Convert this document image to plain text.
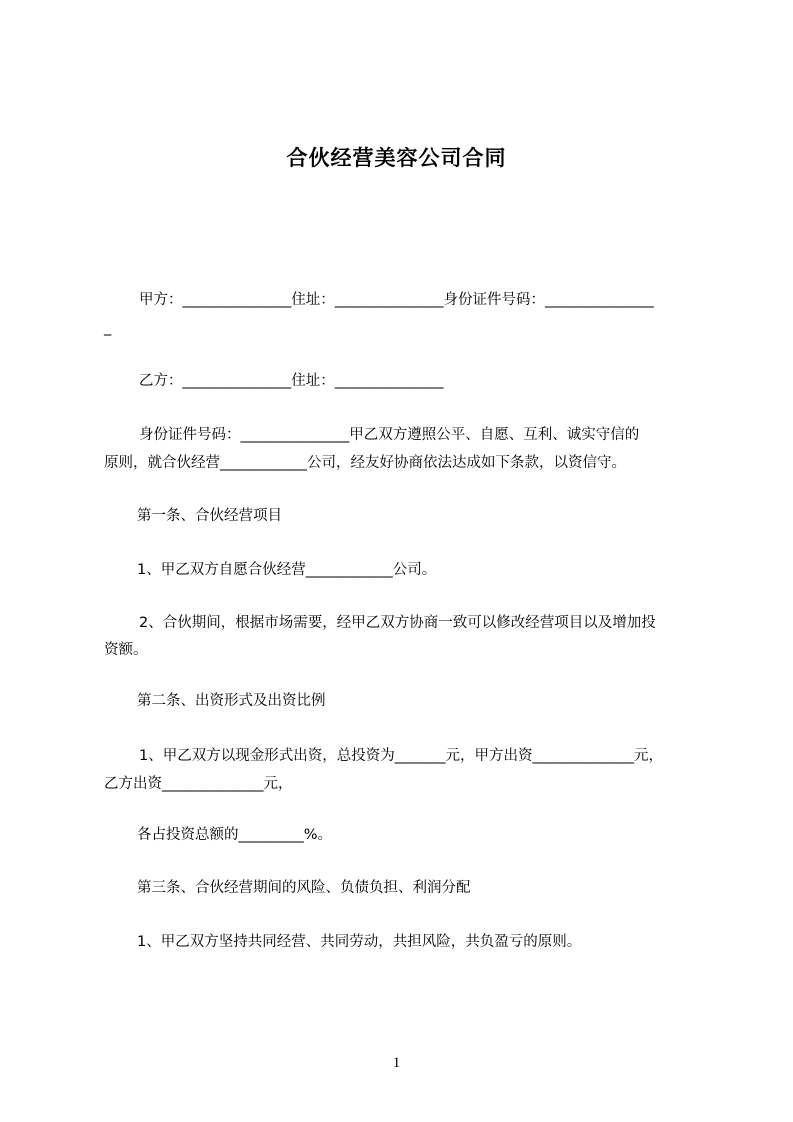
合伙经营美容公司合同

甲方：_______________住址：_______________身份证件号码：_______________

_

乙方：_______________住址：_______________

身份证件号码：_______________甲乙双方遵照公平、自愿、互利、诚实守信的

原则，就合伙经营____________公司，经友好协商依法达成如下条款，以资信守。

第一条、合伙经营项目

1、甲乙双方自愿合伙经营____________公司。

2、合伙期间，根据市场需要，经甲乙双方协商一致可以修改经营项目以及增加投

资额。

第二条、出资形式及出资比例

1、甲乙双方以现金形式出资，总投资为_______元，甲方出资______________元，

乙方出资______________元，

各占投资总额的_________%。

第三条、合伙经营期间的风险、负债负担、利润分配

1、甲乙双方坚持共同经营、共同劳动，共担风险，共负盈亏的原则。

1
